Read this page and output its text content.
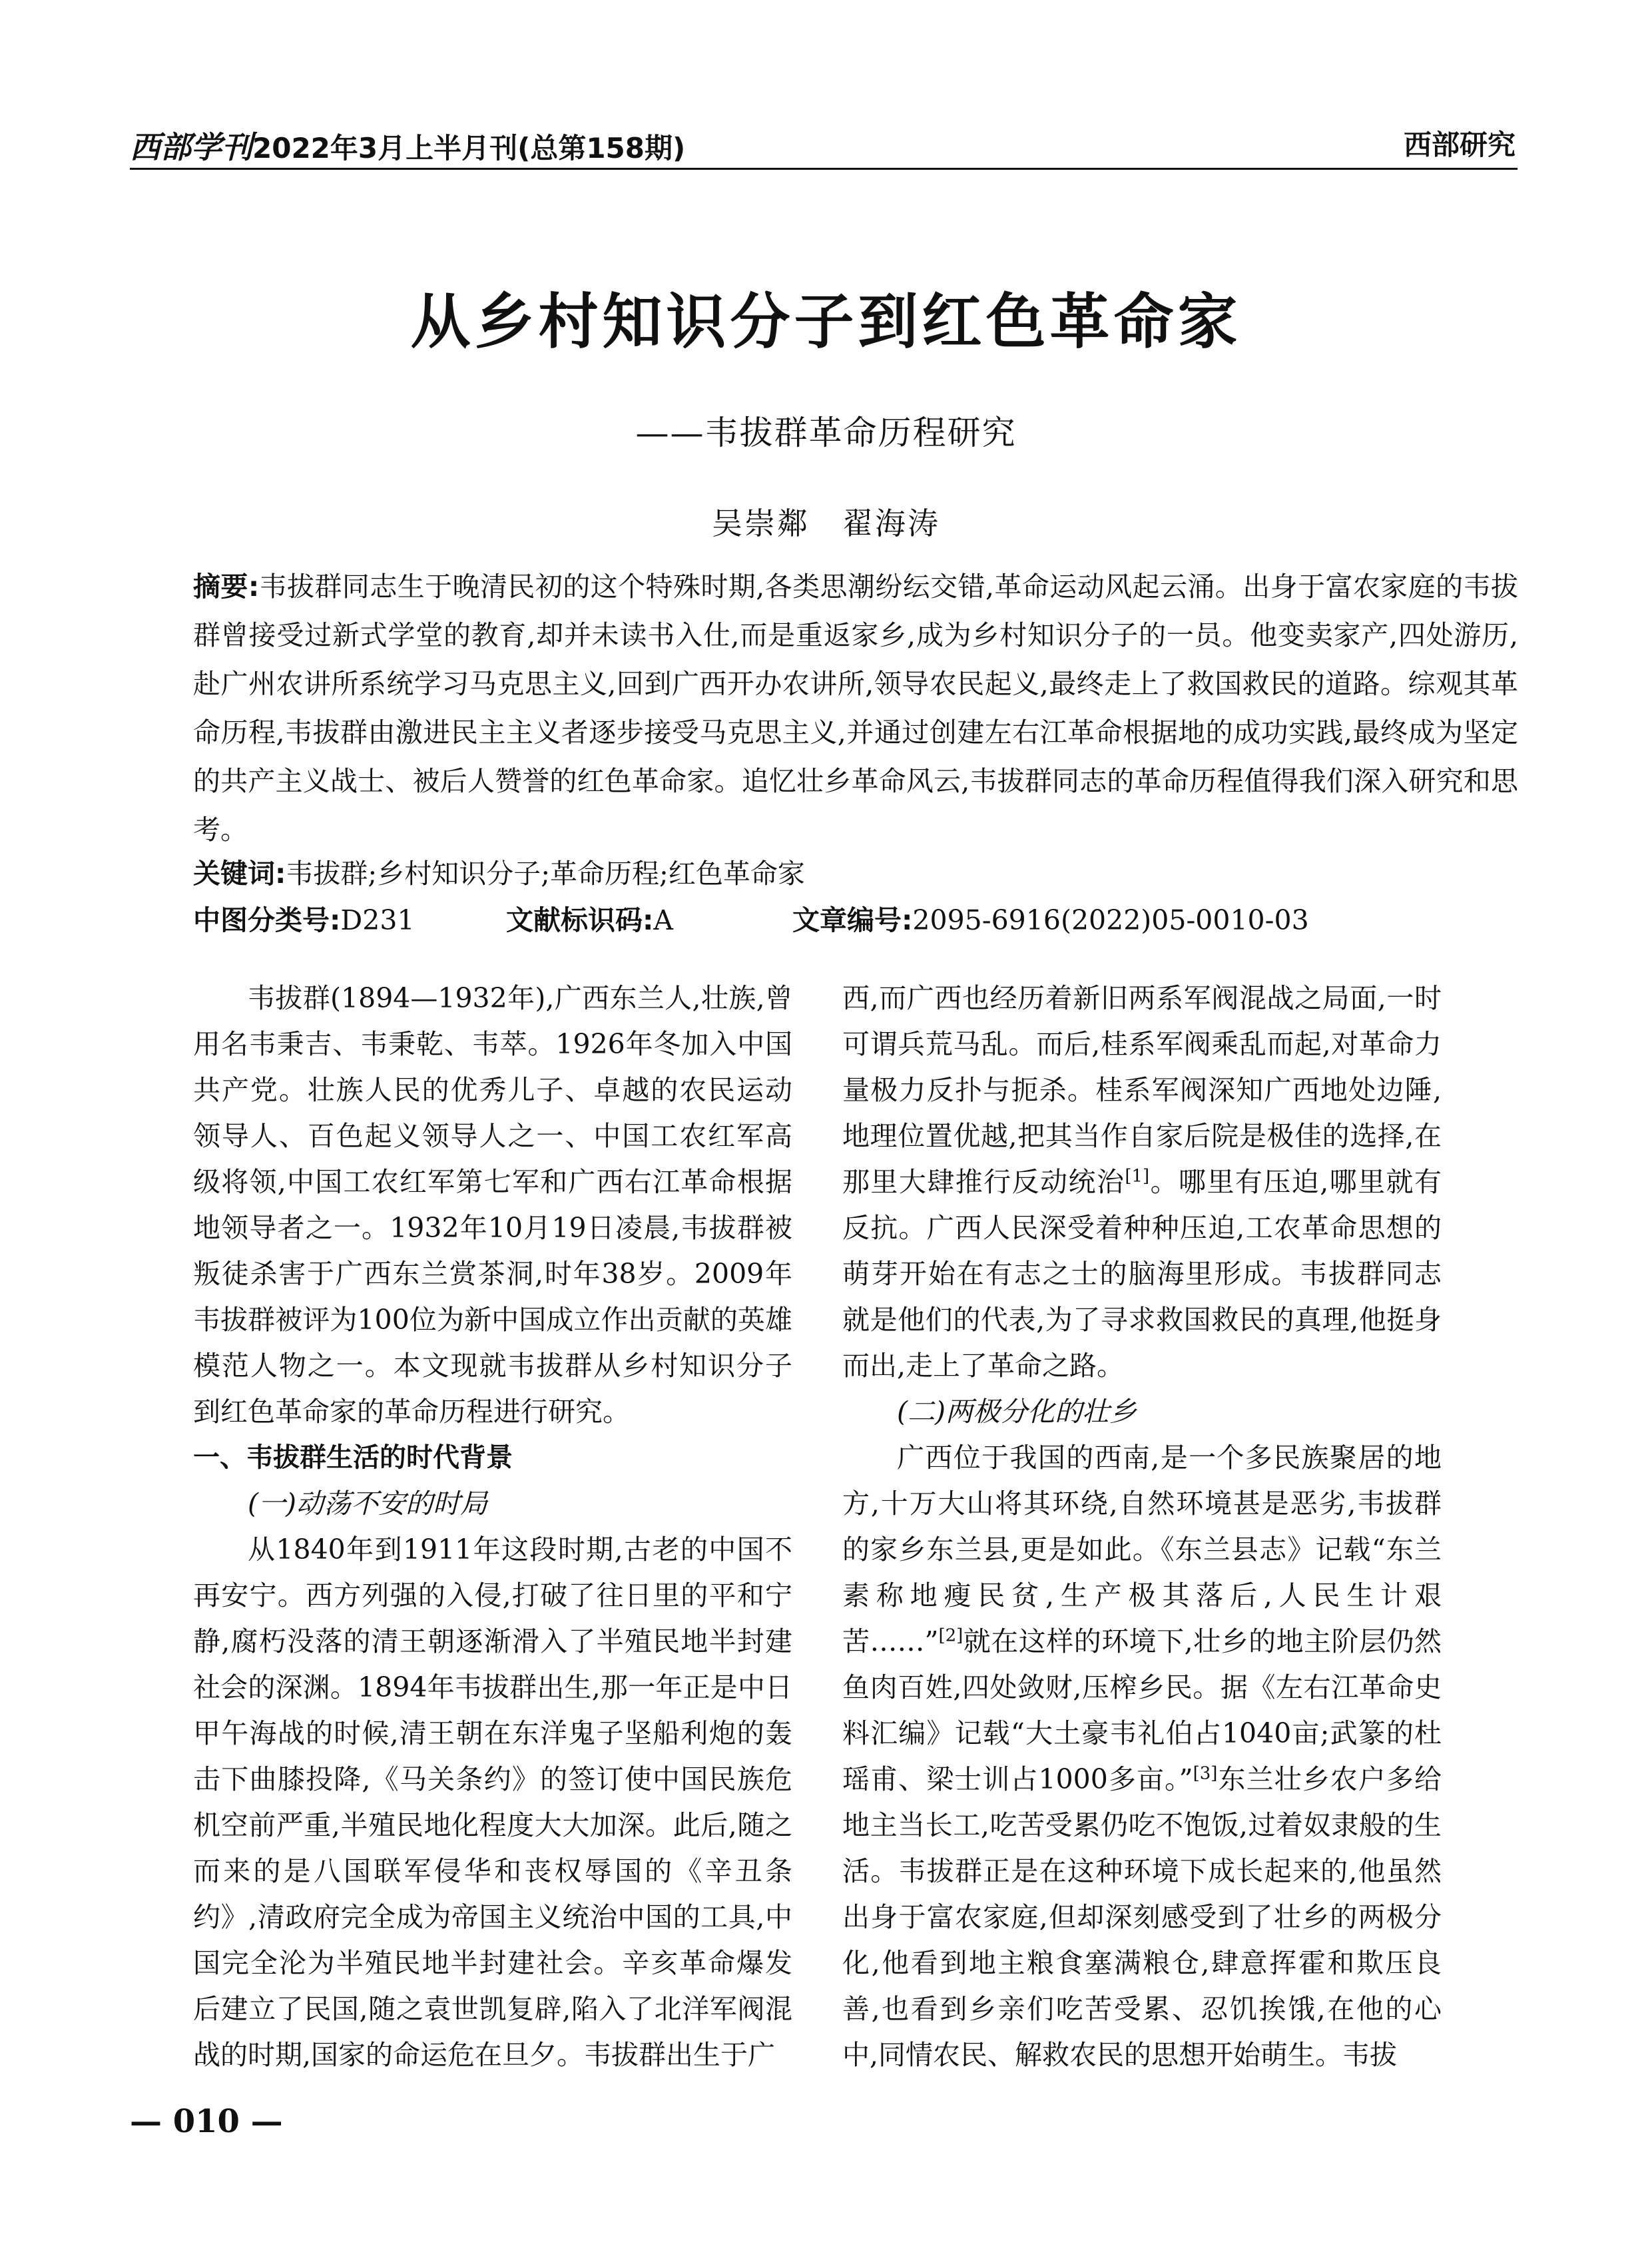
西部学刊2022年3月上半月刊(总第158期)	西部研究
从乡村知识分子到红色革命家
——韦拔群革命历程研究
吴崇鄰　翟海涛
摘要:韦拔群同志生于晚清民初的这个特殊时期,各类思潮纷纭交错,革命运动风起云涌。出身于富农家庭的韦拔群曾接受过新式学堂的教育,却并未读书入仕,而是重返家乡,成为乡村知识分子的一员。他变卖家产,四处游历,赴广州农讲所系统学习马克思主义,回到广西开办农讲所,领导农民起义,最终走上了救国救民的道路。综观其革命历程,韦拔群由激进民主主义者逐步接受马克思主义,并通过创建左右江革命根据地的成功实践,最终成为坚定的共产主义战士、被后人赞誉的红色革命家。追忆壮乡革命风云,韦拔群同志的革命历程值得我们深入研究和思考。
关键词:韦拔群;乡村知识分子;革命历程;红色革命家
中图分类号:D231	文献标识码:A	文章编号:2095-6916(2022)05-0010-03

韦拔群(1894—1932年),广西东兰人,壮族,曾用名韦秉吉、韦秉乾、韦萃。1926年冬加入中国共产党。壮族人民的优秀儿子、卓越的农民运动领导人、百色起义领导人之一、中国工农红军高级将领,中国工农红军第七军和广西右江革命根据地领导者之一。1932年10月19日凌晨,韦拔群被叛徒杀害于广西东兰赏茶洞,时年38岁。2009年韦拔群被评为100位为新中国成立作出贡献的英雄模范人物之一。本文现就韦拔群从乡村知识分子到红色革命家的革命历程进行研究。

一、韦拔群生活的时代背景

(一)动荡不安的时局

从1840年到1911年这段时期,古老的中国不再安宁。西方列强的入侵,打破了往日里的平和宁静,腐朽没落的清王朝逐渐滑入了半殖民地半封建社会的深渊。1894年韦拔群出生,那一年正是中日甲午海战的时候,清王朝在东洋鬼子坚船利炮的轰击下曲膝投降,《马关条约》的签订使中国民族危机空前严重,半殖民地化程度大大加深。此后,随之而来的是八国联军侵华和丧权辱国的《辛丑条约》,清政府完全成为帝国主义统治中国的工具,中国完全沦为半殖民地半封建社会。辛亥革命爆发后建立了民国,随之袁世凯复辟,陷入了北洋军阀混战的时期,国家的命运危在旦夕。韦拔群出生于广

西,而广西也经历着新旧两系军阀混战之局面,一时可谓兵荒马乱。而后,桂系军阀乘乱而起,对革命力量极力反扑与扼杀。桂系军阀深知广西地处边陲,地理位置优越,把其当作自家后院是极佳的选择,在那里大肆推行反动统治[1]。哪里有压迫,哪里就有反抗。广西人民深受着种种压迫,工农革命思想的萌芽开始在有志之士的脑海里形成。韦拔群同志就是他们的代表,为了寻求救国救民的真理,他挺身而出,走上了革命之路。

(二)两极分化的壮乡

广西位于我国的西南,是一个多民族聚居的地方,十万大山将其环绕,自然环境甚是恶劣,韦拔群的家乡东兰县,更是如此。《东兰县志》记载“东兰素称地瘦民贫,生产极其落后,人民生计艰苦……”[2]就在这样的环境下,壮乡的地主阶层仍然鱼肉百姓,四处敛财,压榨乡民。据《左右江革命史料汇编》记载“大土豪韦礼伯占1040亩;武篆的杜瑶甫、梁士训占1000多亩。”[3]东兰壮乡农户多给地主当长工,吃苦受累仍吃不饱饭,过着奴隶般的生活。韦拔群正是在这种环境下成长起来的,他虽然出身于富农家庭,但却深刻感受到了壮乡的两极分化,他看到地主粮食塞满粮仓,肆意挥霍和欺压良善,也看到乡亲们吃苦受累、忍饥挨饿,在他的心中,同情农民、解救农民的思想开始萌生。韦拔

— 010 —
